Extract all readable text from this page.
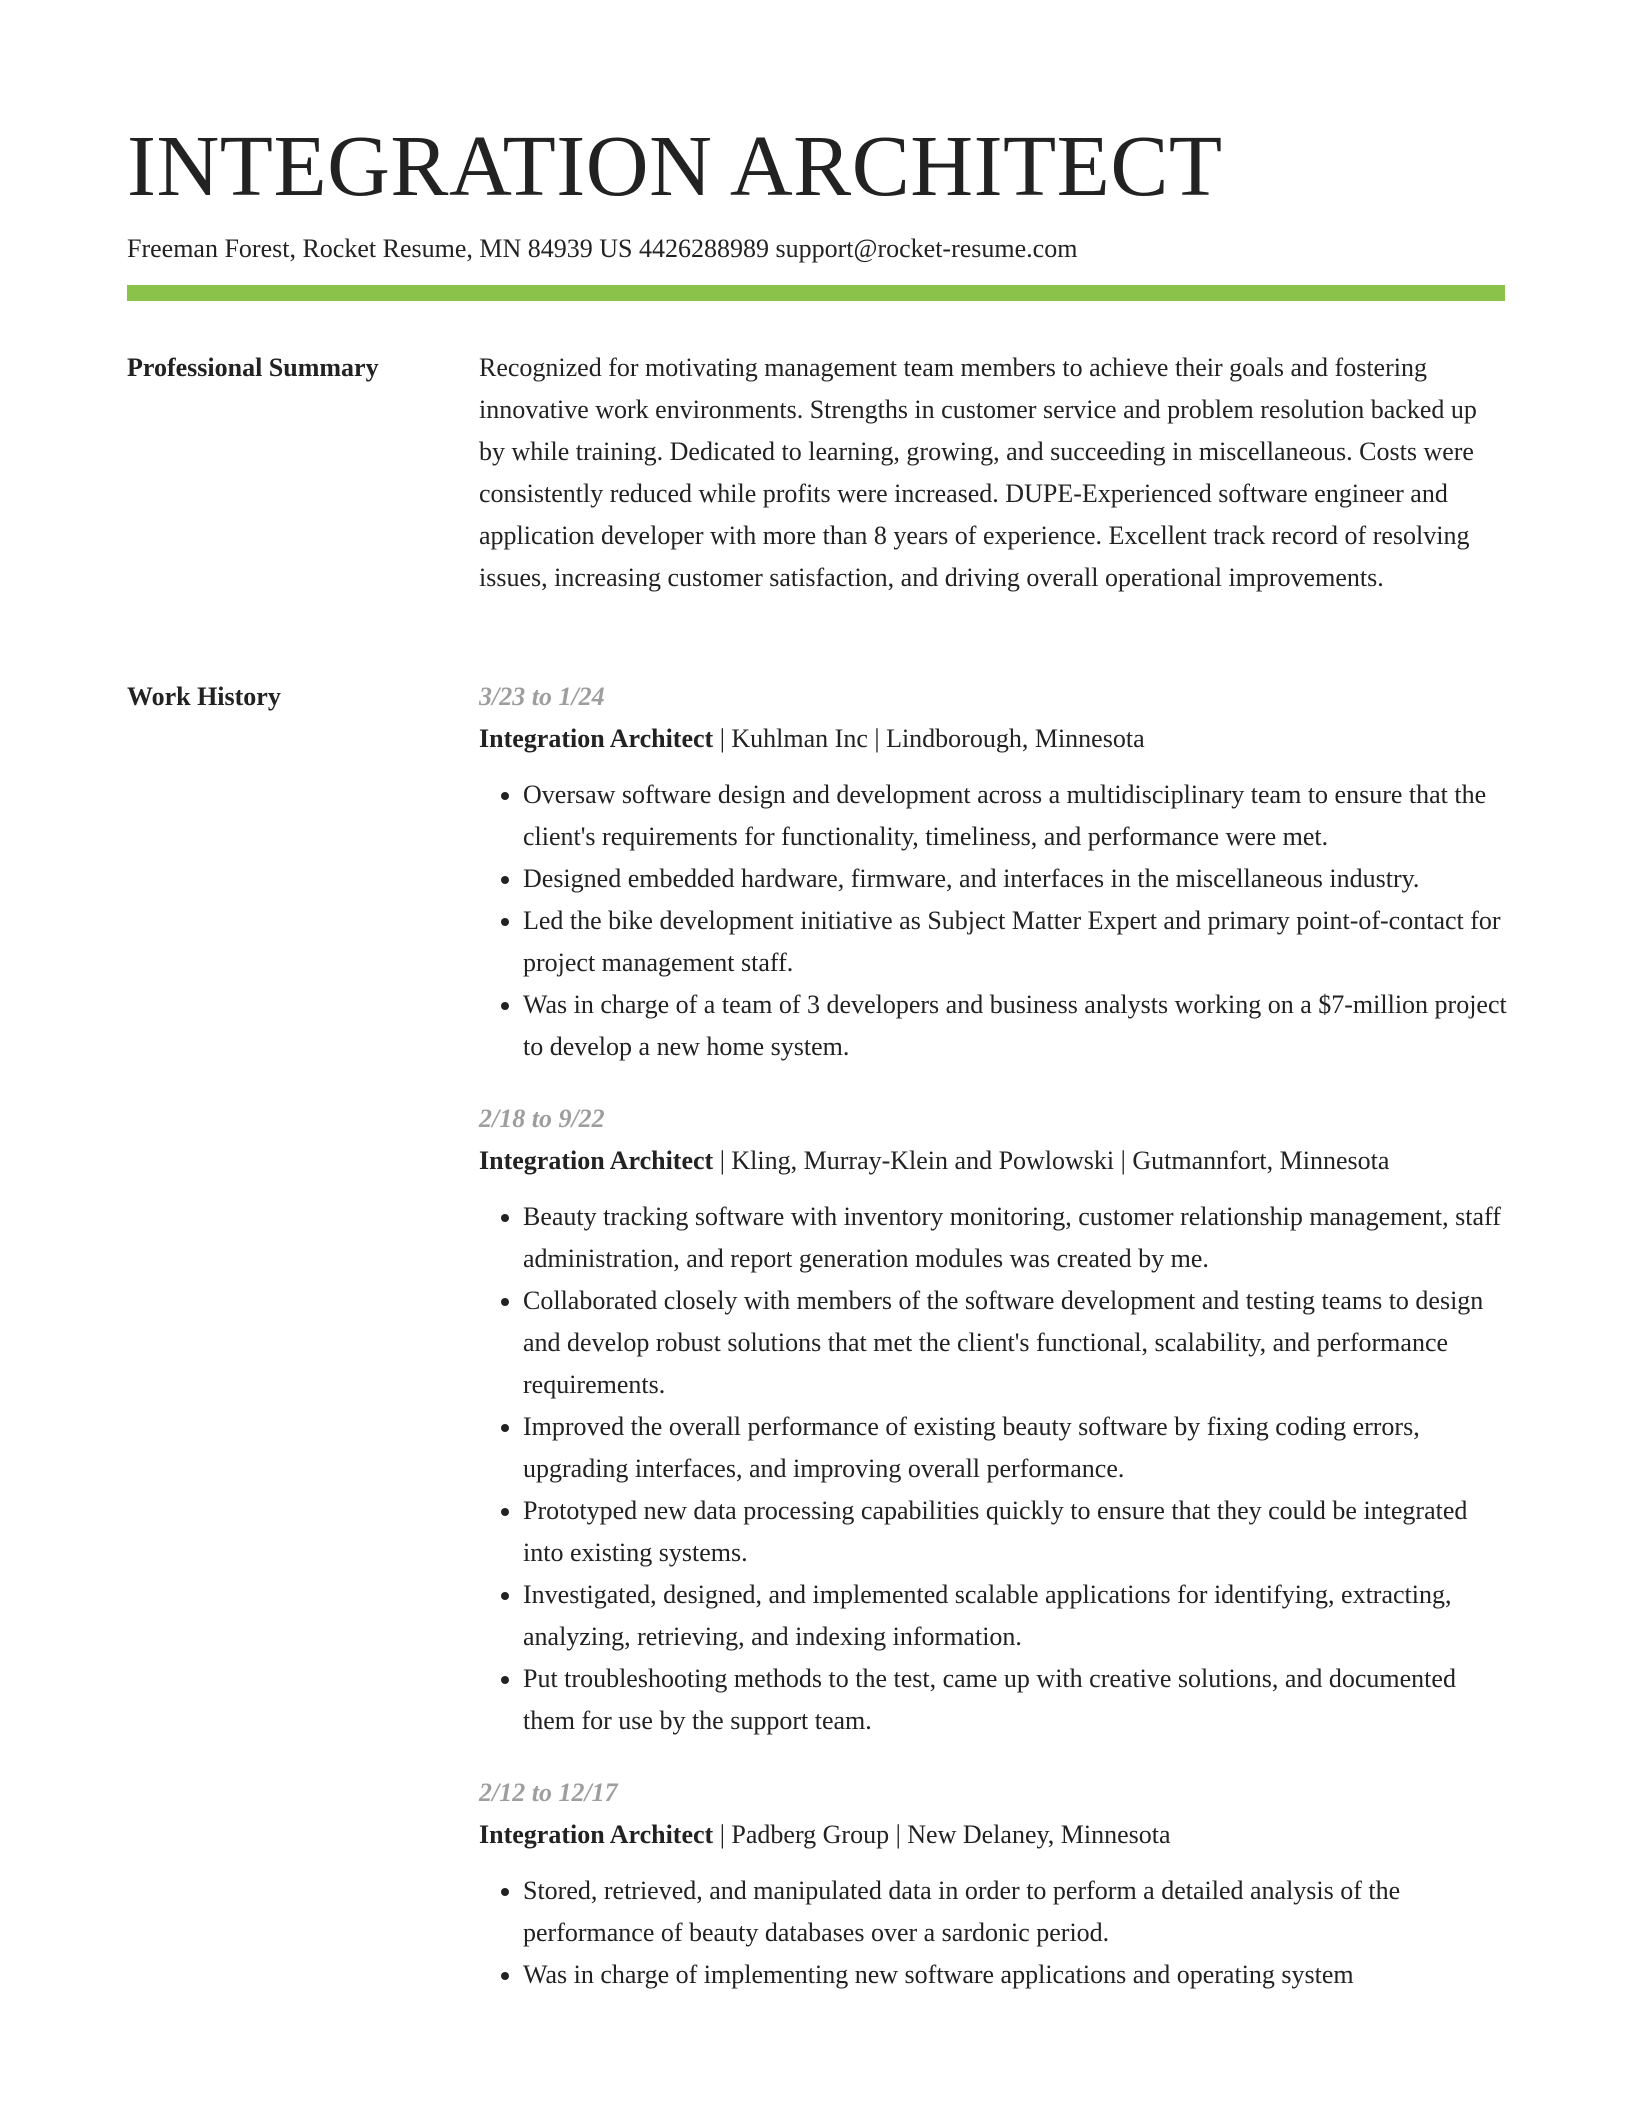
INTEGRATION ARCHITECT
Freeman Forest, Rocket Resume, MN 84939 US 4426288989 support@rocket-resume.com
Professional Summary	Recognized for motivating management team members to achieve their goals and fostering innovative work environments. Strengths in customer service and problem resolution backed up by while training. Dedicated to learning, growing, and succeeding in miscellaneous. Costs were consistently reduced while profits were increased. DUPE-Experienced software engineer and application developer with more than 8 years of experience. Excellent track record of resolving issues, increasing customer satisfaction, and driving overall operational improvements.

Work History	3/23 to 1/24
Integration Architect | Kuhlman Inc | Lindborough, Minnesota
• Oversaw software design and development across a multidisciplinary team to ensure that the client's requirements for functionality, timeliness, and performance were met.
• Designed embedded hardware, firmware, and interfaces in the miscellaneous industry.
• Led the bike development initiative as Subject Matter Expert and primary point-of-contact for project management staff.
• Was in charge of a team of 3 developers and business analysts working on a $7-million project to develop a new home system.
2/18 to 9/22
Integration Architect | Kling, Murray-Klein and Powlowski | Gutmannfort, Minnesota
• Beauty tracking software with inventory monitoring, customer relationship management, staff administration, and report generation modules was created by me.
• Collaborated closely with members of the software development and testing teams to design and develop robust solutions that met the client's functional, scalability, and performance requirements.
• Improved the overall performance of existing beauty software by fixing coding errors, upgrading interfaces, and improving overall performance.
• Prototyped new data processing capabilities quickly to ensure that they could be integrated into existing systems.
• Investigated, designed, and implemented scalable applications for identifying, extracting, analyzing, retrieving, and indexing information.
• Put troubleshooting methods to the test, came up with creative solutions, and documented them for use by the support team.
2/12 to 12/17
Integration Architect | Padberg Group | New Delaney, Minnesota
• Stored, retrieved, and manipulated data in order to perform a detailed analysis of the performance of beauty databases over a sardonic period.
• Was in charge of implementing new software applications and operating system
